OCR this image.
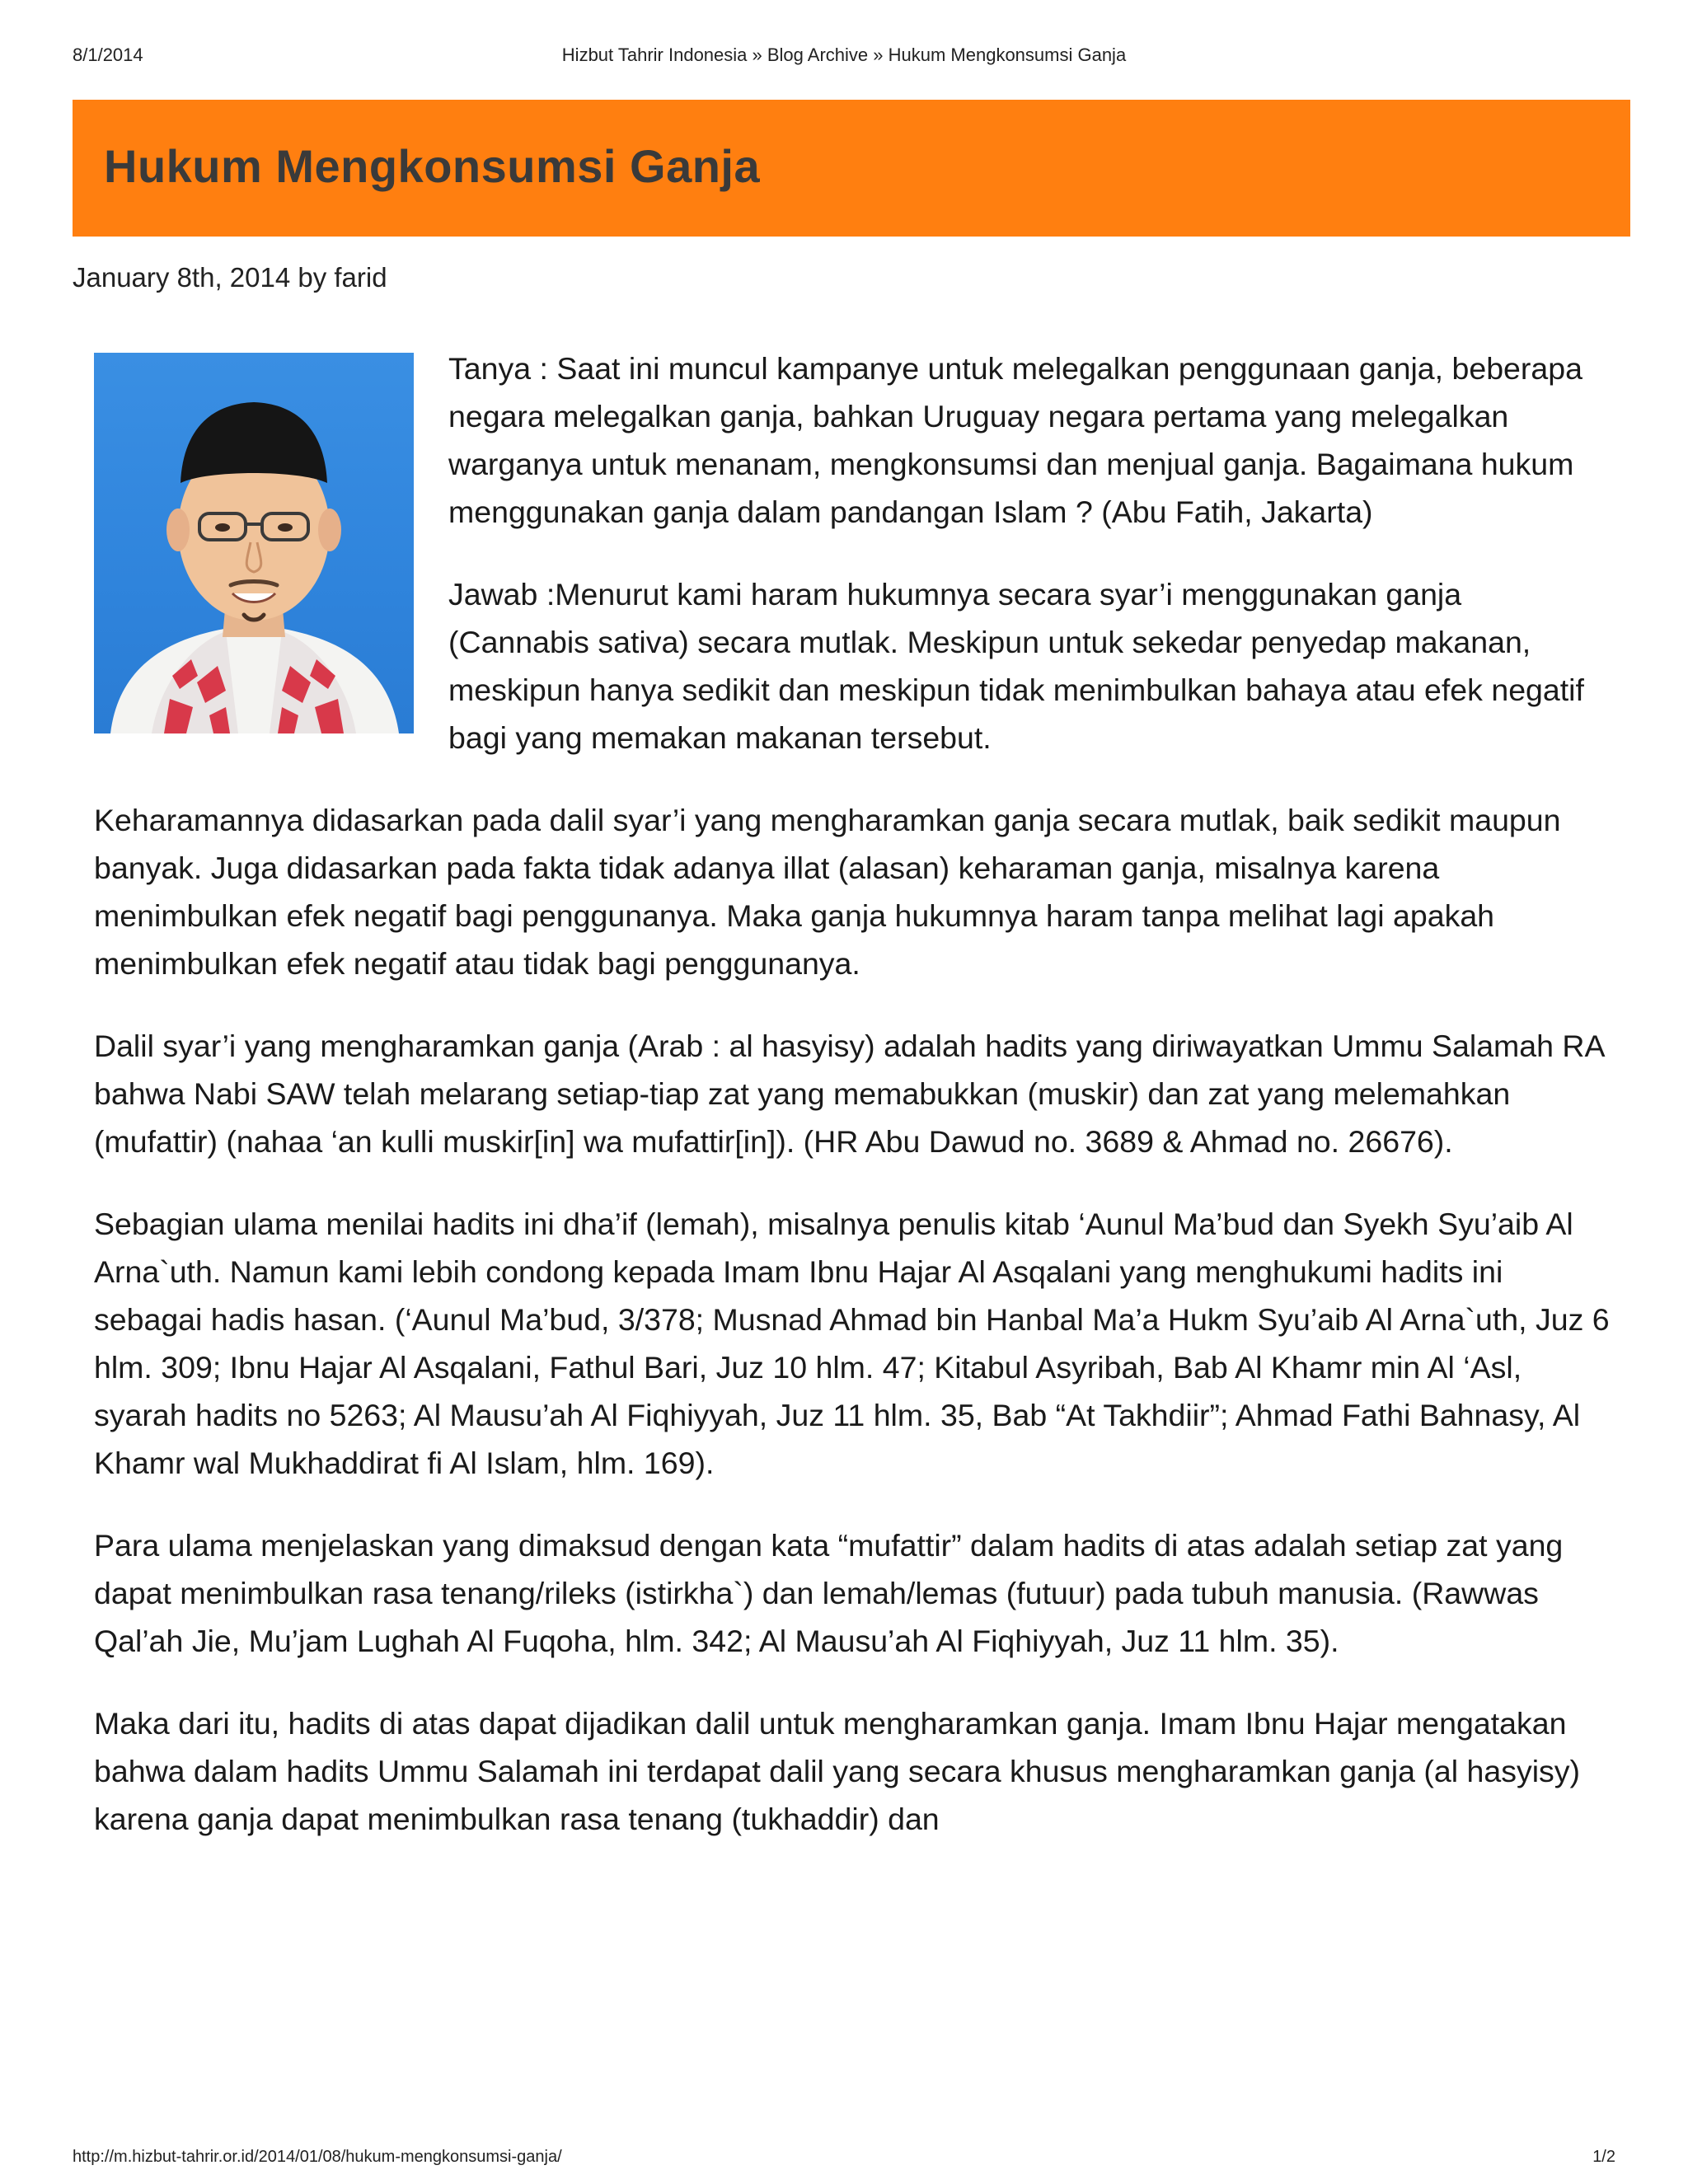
8/1/2014	Hizbut Tahrir Indonesia » Blog Archive » Hukum Mengkonsumsi Ganja
Hukum Mengkonsumsi Ganja
January 8th, 2014 by farid

Tanya : Saat ini muncul kampanye untuk melegalkan penggunaan ganja, beberapa negara melegalkan ganja, bahkan Uruguay negara pertama yang melegalkan warganya untuk menanam, mengkonsumsi dan menjual ganja. Bagaimana hukum menggunakan ganja dalam pandangan Islam ? (Abu Fatih, Jakarta)

Jawab :Menurut kami haram hukumnya secara syar’i menggunakan ganja (Cannabis sativa) secara mutlak. Meskipun untuk sekedar penyedap makanan, meskipun hanya sedikit dan meskipun tidak menimbulkan bahaya atau efek negatif bagi yang memakan makanan tersebut.

Keharamannya didasarkan pada dalil syar’i yang mengharamkan ganja secara mutlak, baik sedikit maupun banyak. Juga didasarkan pada fakta tidak adanya illat (alasan) keharaman ganja, misalnya karena menimbulkan efek negatif bagi penggunanya. Maka ganja hukumnya haram tanpa melihat lagi apakah menimbulkan efek negatif atau tidak bagi penggunanya.

Dalil syar’i yang mengharamkan ganja (Arab : al hasyisy) adalah hadits yang diriwayatkan Ummu Salamah RA bahwa Nabi SAW telah melarang setiap-tiap zat yang memabukkan (muskir) dan zat yang melemahkan (mufattir) (nahaa ‘an kulli muskir[in] wa mufattir[in]). (HR Abu Dawud no. 3689 & Ahmad no. 26676).

Sebagian ulama menilai hadits ini dha’if (lemah), misalnya penulis kitab ‘Aunul Ma’bud dan Syekh Syu’aib Al Arna`uth. Namun kami lebih condong kepada Imam Ibnu Hajar Al Asqalani yang menghukumi hadits ini sebagai hadis hasan. (‘Aunul Ma’bud, 3/378; Musnad Ahmad bin Hanbal Ma’a Hukm Syu’aib Al Arna`uth, Juz 6 hlm. 309; Ibnu Hajar Al Asqalani, Fathul Bari, Juz 10 hlm. 47; Kitabul Asyribah, Bab Al Khamr min Al ‘Asl, syarah hadits no 5263; Al Mausu’ah Al Fiqhiyyah, Juz 11 hlm. 35, Bab “At Takhdiir”; Ahmad Fathi Bahnasy, Al Khamr wal Mukhaddirat fi Al Islam, hlm. 169).

Para ulama menjelaskan yang dimaksud dengan kata “mufattir” dalam hadits di atas adalah setiap zat yang dapat menimbulkan rasa tenang/rileks (istirkha`) dan lemah/lemas (futuur) pada tubuh manusia. (Rawwas Qal’ah Jie, Mu’jam Lughah Al Fuqoha, hlm. 342; Al Mausu’ah Al Fiqhiyyah, Juz 11 hlm. 35).

Maka dari itu, hadits di atas dapat dijadikan dalil untuk mengharamkan ganja. Imam Ibnu Hajar mengatakan bahwa dalam hadits Ummu Salamah ini terdapat dalil yang secara khusus mengharamkan ganja (al hasyisy) karena ganja dapat menimbulkan rasa tenang (tukhaddir) dan

http://m.hizbut-tahrir.or.id/2014/01/08/hukum-mengkonsumsi-ganja/	1/2
